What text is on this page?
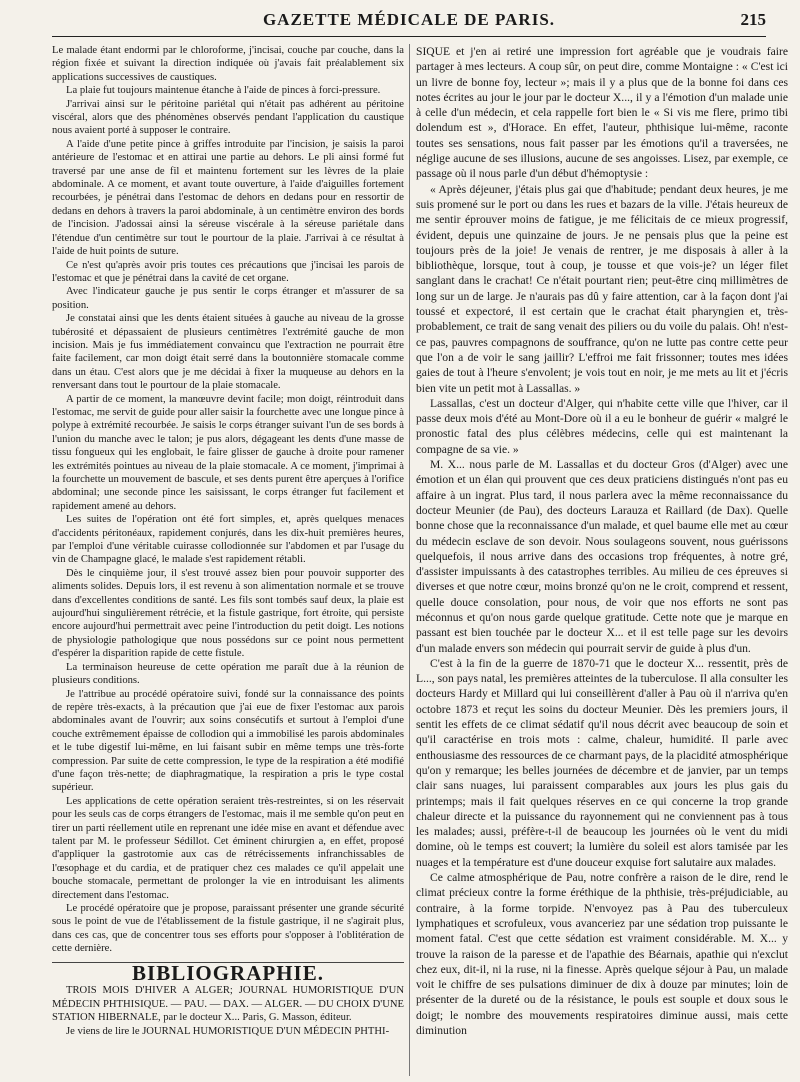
GAZETTE MÉDICALE DE PARIS.	215

Le malade étant endormi par le chloroforme, j'incisai, couche par couche, dans la région fixée et suivant la direction indiquée où j'avais fait préalablement six applications successives de caustiques.

La plaie fut toujours maintenue étanche à l'aide de pinces à forci-pressure.

J'arrivai ainsi sur le péritoine pariétal qui n'était pas adhérent au péritoine viscéral, alors que des phénomènes observés pendant l'application du caustique nous avaient porté à supposer le contraire.

A l'aide d'une petite pince à griffes introduite par l'incision, je saisis la paroi antérieure de l'estomac et en attirai une partie au dehors. Le pli ainsi formé fut traversé par une anse de fil et maintenu fortement sur les lèvres de la plaie abdominale. A ce moment, et avant toute ouverture, à l'aide d'aiguilles fortement recourbées, je pénétrai dans l'estomac de dehors en dedans pour en ressortir de dedans en dehors à travers la paroi abdominale, à un centimètre environ des bords de l'incision. J'adossai ainsi la séreuse viscérale à la séreuse pariétale dans l'étendue d'un centimètre sur tout le pourtour de la plaie. J'arrivai à ce résultat à l'aide de huit points de suture.

Ce n'est qu'après avoir pris toutes ces précautions que j'incisai les parois de l'estomac et que je pénétrai dans la cavité de cet organe.

Avec l'indicateur gauche je pus sentir le corps étranger et m'assurer de sa position.

Je constatai ainsi que les dents étaient situées à gauche au niveau de la grosse tubérosité et dépassaient de plusieurs centimètres l'extrémité gauche de mon incision. Mais je fus immédiatement convaincu que l'extraction ne pourrait être faite facilement, car mon doigt était serré dans la boutonnière stomacale comme dans un étau. C'est alors que je me décidai à fixer la muqueuse au dehors en la renversant dans tout le pourtour de la plaie stomacale.

A partir de ce moment, la manœuvre devint facile; mon doigt, réintroduit dans l'estomac, me servit de guide pour aller saisir la fourchette avec une longue pince à polype à extrémité recourbée. Je saisis le corps étranger suivant l'un de ses bords à l'union du manche avec le talon; je pus alors, dégageant les dents d'une masse de tissu fongueux qui les englobait, le faire glisser de gauche à droite pour ramener les extrémités pointues au niveau de la plaie stomacale. A ce moment, j'imprimai à la fourchette un mouvement de bascule, et ses dents purent être aperçues à l'orifice abdominal; une seconde pince les saisissant, le corps étranger fut facilement et rapidement amené au dehors.

Les suites de l'opération ont été fort simples, et, après quelques menaces d'accidents péritonéaux, rapidement conjurés, dans les dix-huit premières heures, par l'emploi d'une véritable cuirasse collodionnée sur l'abdomen et par l'usage du vin de Champagne glacé, le malade s'est rapidement rétabli.

Dès le cinquième jour, il s'est trouvé assez bien pour pouvoir supporter des aliments solides. Depuis lors, il est revenu à son alimentation normale et se trouve dans d'excellentes conditions de santé. Les fils sont tombés sauf deux, la plaie est aujourd'hui singulièrement rétrécie, et la fistule gastrique, fort étroite, qui persiste encore aujourd'hui permettrait avec peine l'introduction du petit doigt. Les notions de physiologie pathologique que nous possédons sur ce point nous permettent d'espérer la disparition rapide de cette fistule.

La terminaison heureuse de cette opération me paraît due à la réunion de plusieurs conditions.

Je l'attribue au procédé opératoire suivi, fondé sur la connaissance des points de repère très-exacts, à la précaution que j'ai eue de fixer l'estomac aux parois abdominales avant de l'ouvrir; aux soins consécutifs et surtout à l'emploi d'une couche extrêmement épaisse de collodion qui a immobilisé les parois abdominales et le tube digestif lui-même, en lui faisant subir en même temps une très-forte compression. Par suite de cette compression, le type de la respiration a été modifié d'une façon très-nette; de diaphragmatique, la respiration a pris le type costal supérieur.

Les applications de cette opération seraient très-restreintes, si on les réservait pour les seuls cas de corps étrangers de l'estomac, mais il me semble qu'on peut en tirer un parti réellement utile en reprenant une idée mise en avant et défendue avec talent par M. le professeur Sédillot. Cet éminent chirurgien a, en effet, proposé d'appliquer la gastrotomie aux cas de rétrécissements infranchissables de l'œsophage et du cardia, et de pratiquer chez ces malades ce qu'il appelait une bouche stomacale, permettant de prolonger la vie en introduisant les aliments directement dans l'estomac.

Le procédé opératoire que je propose, paraissant présenter une grande sécurité sous le point de vue de l'établissement de la fistule gastrique, il ne s'agirait plus, dans ces cas, que de concentrer tous ses efforts pour s'opposer à l'oblitération de cette dernière.

BIBLIOGRAPHIE.

TROIS MOIS D'HIVER A ALGER; JOURNAL HUMORISTIQUE D'UN MÉDECIN PHTHISIQUE. — PAU. — DAX. — ALGER. — DU CHOIX D'UNE STATION HIBERNALE, par le docteur X... Paris, G. Masson, éditeur.

Je viens de lire le JOURNAL HUMORISTIQUE D'UN MÉDECIN PHTHI-

SIQUE et j'en ai retiré une impression fort agréable que je voudrais faire partager à mes lecteurs. A coup sûr, on peut dire, comme Montaigne : « C'est ici un livre de bonne foy, lecteur »; mais il y a plus que de la bonne foi dans ces notes écrites au jour le jour par le docteur X..., il y a l'émotion d'un malade unie à celle d'un médecin, et cela rappelle fort bien le « Si vis me flere, primo tibi dolendum est », d'Horace. En effet, l'auteur, phthisique lui-même, raconte toutes ses sensations, nous fait passer par les émotions qu'il a traversées, ne néglige aucune de ses illusions, aucune de ses angoisses. Lisez, par exemple, ce passage où il nous parle d'un début d'hémoptysie :

« Après déjeuner, j'étais plus gai que d'habitude; pendant deux heures, je me suis promené sur le port ou dans les rues et bazars de la ville. J'étais heureux de me sentir éprouver moins de fatigue, je me félicitais de ce mieux progressif, évident, depuis une quinzaine de jours. Je ne pensais plus que la peine est toujours près de la joie! Je venais de rentrer, je me disposais à aller à la bibliothèque, lorsque, tout à coup, je tousse et que vois-je? un léger filet sanglant dans le crachat! Ce n'était pourtant rien; peut-être cinq millimètres de long sur un de large. Je n'aurais pas dû y faire attention, car à la façon dont j'ai toussé et expectoré, il est certain que le crachat était pharyngien et, très-probablement, ce trait de sang venait des piliers ou du voile du palais. Oh! n'est-ce pas, pauvres compagnons de souffrance, qu'on ne lutte pas contre cette peur que l'on a de voir le sang jaillir? L'effroi me fait frissonner; toutes mes idées gaies de tout à l'heure s'envolent; je vois tout en noir, je me mets au lit et j'écris bien vite un petit mot à Lassallas. »

Lassallas, c'est un docteur d'Alger, qui n'habite cette ville que l'hiver, car il passe deux mois d'été au Mont-Dore où il a eu le bonheur de guérir « malgré le pronostic fatal des plus célèbres médecins, celle qui est maintenant la compagne de sa vie. »

M. X... nous parle de M. Lassallas et du docteur Gros (d'Alger) avec une émotion et un élan qui prouvent que ces deux praticiens distingués n'ont pas eu affaire à un ingrat. Plus tard, il nous parlera avec la même reconnaissance du docteur Meunier (de Pau), des docteurs Larauza et Raillard (de Dax). Quelle bonne chose que la reconnaissance d'un malade, et quel baume elle met au cœur du médecin esclave de son devoir. Nous soulageons souvent, nous guérissons quelquefois, il nous arrive dans des occasions trop fréquentes, à notre gré, d'assister impuissants à des catastrophes terribles. Au milieu de ces épreuves si diverses et que notre cœur, moins bronzé qu'on ne le croit, comprend et ressent, quelle douce consolation, pour nous, de voir que nos efforts ne sont pas méconnus et qu'on nous garde quelque gratitude. Cette note que je marque en passant est bien touchée par le docteur X... et il est telle page sur les devoirs d'un malade envers son médecin qui pourrait servir de guide à plus d'un.

C'est à la fin de la guerre de 1870-71 que le docteur X... ressentit, près de L..., son pays natal, les premières atteintes de la tuberculose. Il alla consulter les docteurs Hardy et Millard qui lui conseillèrent d'aller à Pau où il n'arriva qu'en octobre 1873 et reçut les soins du docteur Meunier. Dès les premiers jours, il sentit les effets de ce climat sédatif qu'il nous décrit avec beaucoup de soin et qu'il caractérise en trois mots : calme, chaleur, humidité. Il parle avec enthousiasme des ressources de ce charmant pays, de la placidité atmosphérique qu'on y remarque; les belles journées de décembre et de janvier, par un temps clair sans nuages, lui paraissent comparables aux jours les plus gais du printemps; mais il fait quelques réserves en ce qui concerne la trop grande chaleur directe et la puissance du rayonnement qui ne conviennent pas à tous les malades; aussi, préfère-t-il de beaucoup les journées où le vent du midi domine, où le temps est couvert; la lumière du soleil est alors tamisée par les nuages et la température est d'une douceur exquise fort salutaire aux malades.

Ce calme atmosphérique de Pau, notre confrère a raison de le dire, rend le climat précieux contre la forme éréthique de la phthisie, très-préjudiciable, au contraire, à la forme torpide. N'envoyez pas à Pau des tuberculeux lymphatiques et scrofuleux, vous avanceriez par une sédation trop puissante le moment fatal. C'est que cette sédation est vraiment considérable. M. X... y trouve la raison de la paresse et de l'apathie des Béarnais, apathie qui n'exclut chez eux, dit-il, ni la ruse, ni la finesse. Après quelque séjour à Pau, un malade voit le chiffre de ses pulsations diminuer de dix à douze par minutes; loin de présenter de la dureté ou de la résistance, le pouls est souple et doux sous le doigt; le nombre des mouvements respiratoires diminue aussi, mais cette diminution
